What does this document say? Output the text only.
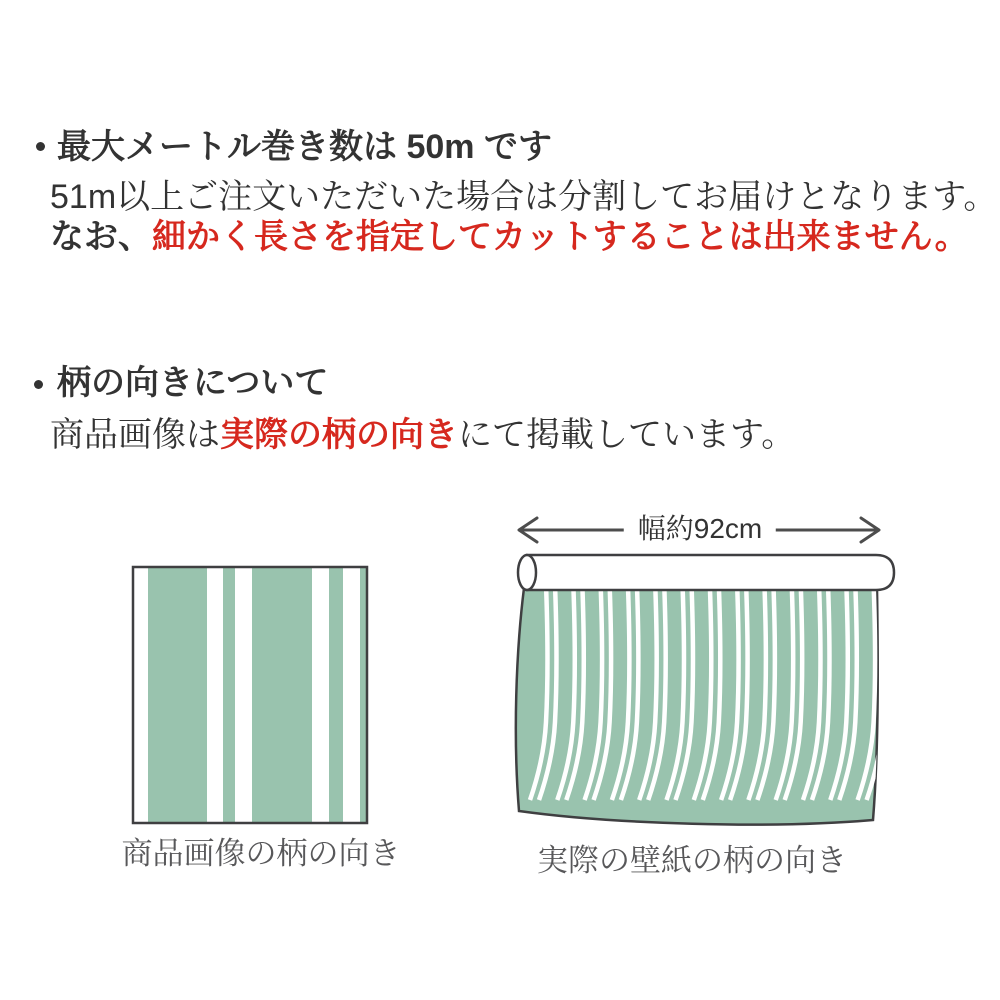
最大メートル巻き数は 50m です
51m以上ご注文いただいた場合は分割してお届けとなります。
なお、細かく長さを指定してカットすることは出来ません。
柄の向きについて
商品画像は実際の柄の向きにて掲載しています。
商品画像の柄の向き
幅約92cm
実際の壁紙の柄の向き
